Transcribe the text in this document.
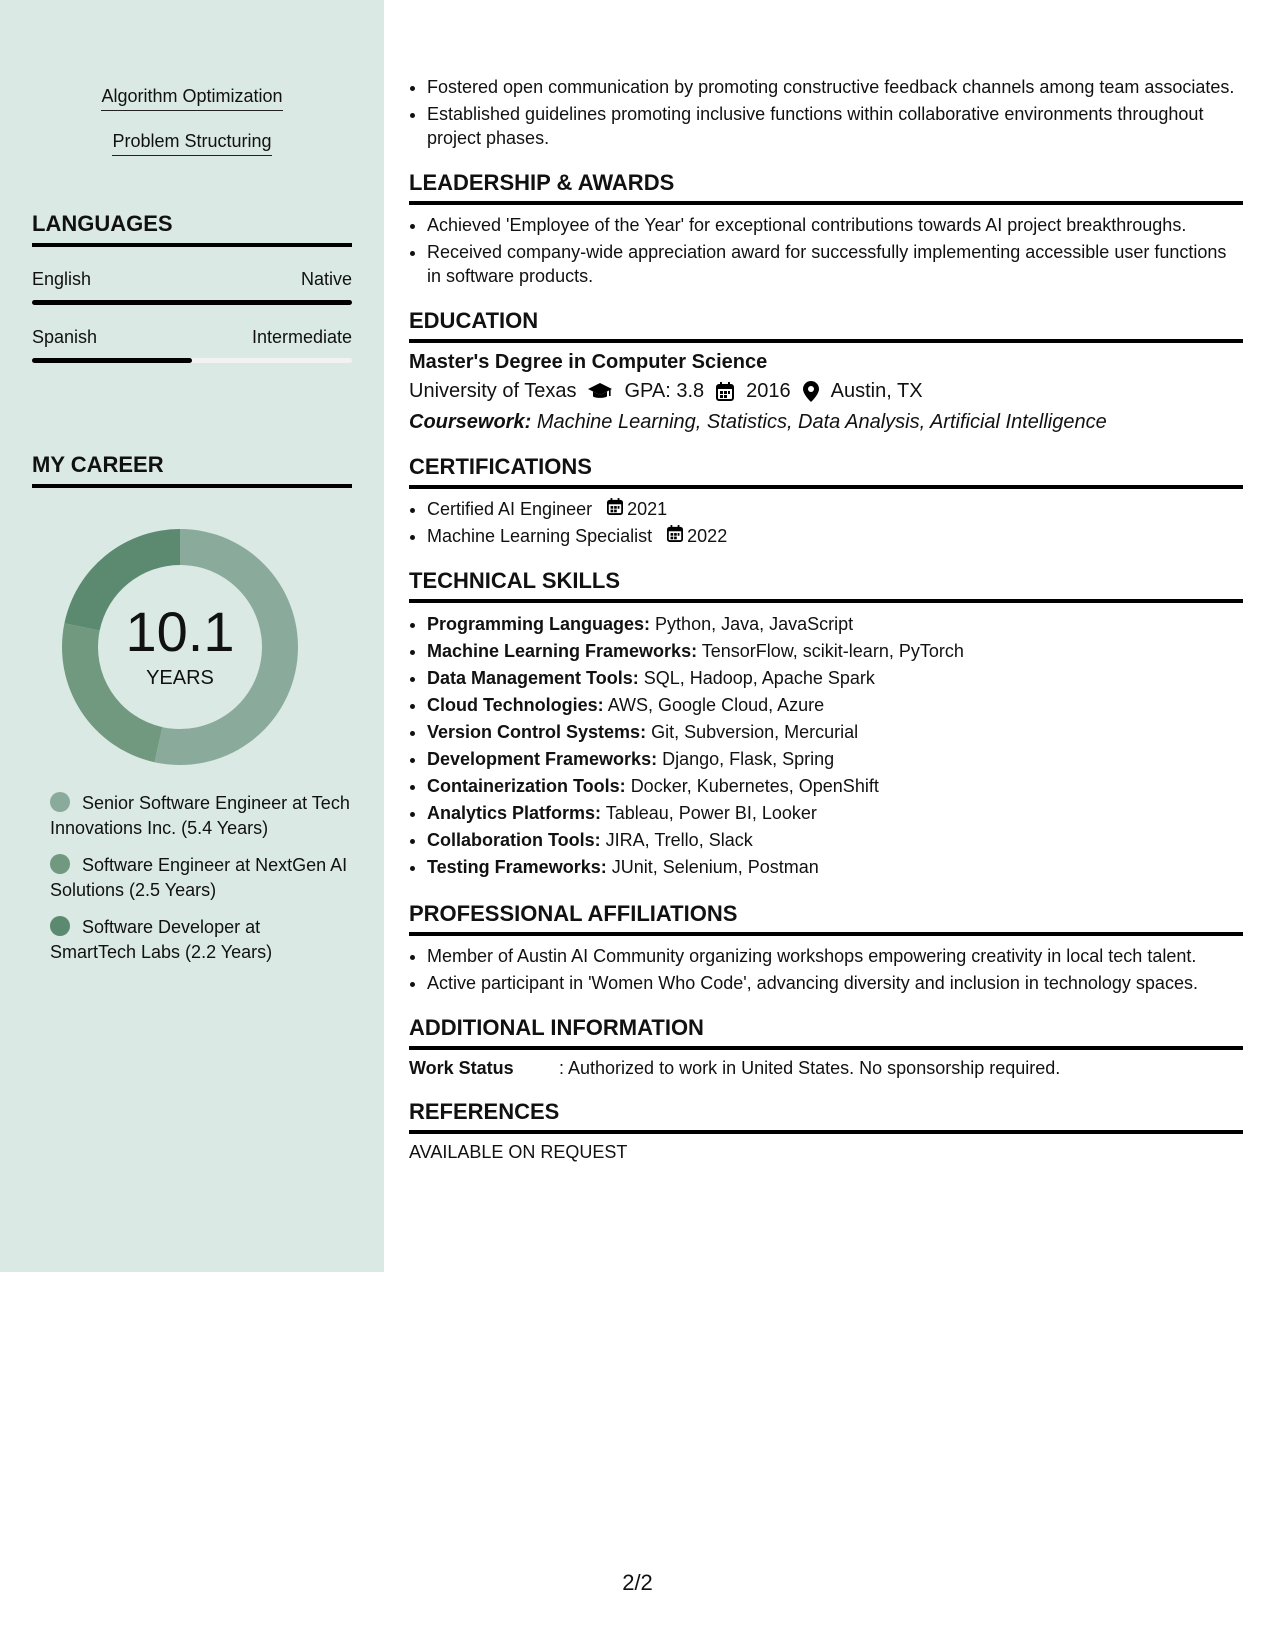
Algorithm Optimization
Problem Structuring
LANGUAGES
English	Native
Spanish	Intermediate
MY CAREER
10.1
YEARS
Senior Software Engineer at Tech Innovations Inc. (5.4 Years)
Software Engineer at NextGen AI Solutions (2.5 Years)
Software Developer at SmartTech Labs (2.2 Years)
• Fostered open communication by promoting constructive feedback channels among team associates.
• Established guidelines promoting inclusive functions within collaborative environments throughout project phases.
LEADERSHIP & AWARDS
• Achieved 'Employee of the Year' for exceptional contributions towards AI project breakthroughs.
• Received company-wide appreciation award for successfully implementing accessible user functions in software products.
EDUCATION
Master's Degree in Computer Science
University of Texas GPA: 3.8 2016 Austin, TX
Coursework: Machine Learning, Statistics, Data Analysis, Artificial Intelligence
CERTIFICATIONS
• Certified AI Engineer 2021
• Machine Learning Specialist 2022
TECHNICAL SKILLS
• Programming Languages: Python, Java, JavaScript
• Machine Learning Frameworks: TensorFlow, scikit-learn, PyTorch
• Data Management Tools: SQL, Hadoop, Apache Spark
• Cloud Technologies: AWS, Google Cloud, Azure
• Version Control Systems: Git, Subversion, Mercurial
• Development Frameworks: Django, Flask, Spring
• Containerization Tools: Docker, Kubernetes, OpenShift
• Analytics Platforms: Tableau, Power BI, Looker
• Collaboration Tools: JIRA, Trello, Slack
• Testing Frameworks: JUnit, Selenium, Postman
PROFESSIONAL AFFILIATIONS
• Member of Austin AI Community organizing workshops empowering creativity in local tech talent.
• Active participant in 'Women Who Code', advancing diversity and inclusion in technology spaces.
ADDITIONAL INFORMATION
Work Status	: Authorized to work in United States. No sponsorship required.
REFERENCES
AVAILABLE ON REQUEST
2/2
